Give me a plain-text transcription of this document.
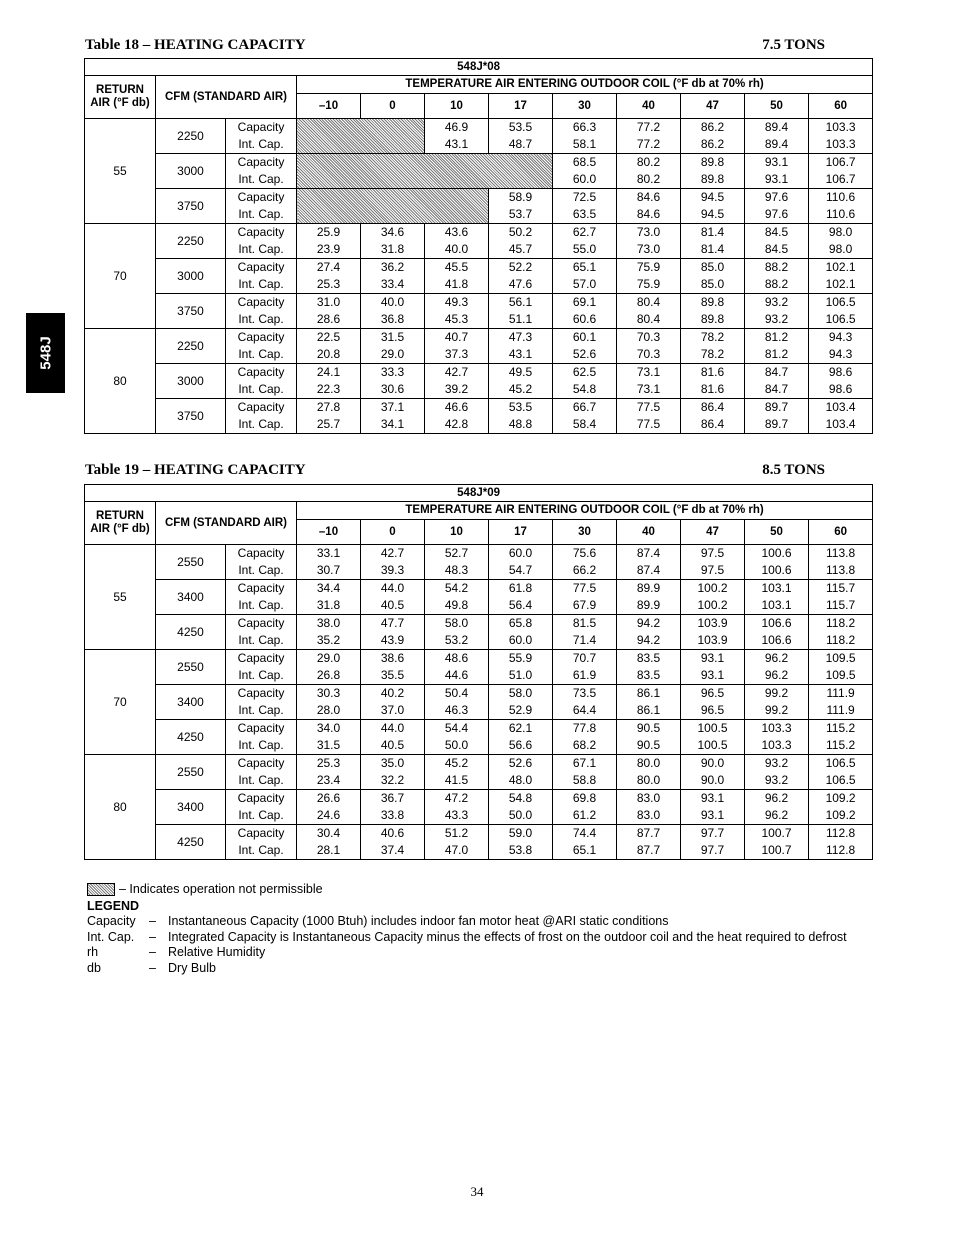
548J
Table 18 – HEATING CAPACITY	7.5 TONS
548J*08											
RETURN AIR (°F db)	CFM (STANDARD AIR)		TEMPERATURE AIR ENTERING OUTDOOR COIL (°F db at 70% rh)								
			–10	0	10	17	30	40	47	50	60
55	2250	Capacity			46.9	53.5	66.3	77.2	86.2	89.4	103.3
		Int. Cap.			43.1	48.7	58.1	77.2	86.2	89.4	103.3
	3000	Capacity					68.5	80.2	89.8	93.1	106.7
		Int. Cap.					60.0	80.2	89.8	93.1	106.7
	3750	Capacity				58.9	72.5	84.6	94.5	97.6	110.6
		Int. Cap.				53.7	63.5	84.6	94.5	97.6	110.6
70	2250	Capacity	25.9	34.6	43.6	50.2	62.7	73.0	81.4	84.5	98.0
		Int. Cap.	23.9	31.8	40.0	45.7	55.0	73.0	81.4	84.5	98.0
	3000	Capacity	27.4	36.2	45.5	52.2	65.1	75.9	85.0	88.2	102.1
		Int. Cap.	25.3	33.4	41.8	47.6	57.0	75.9	85.0	88.2	102.1
	3750	Capacity	31.0	40.0	49.3	56.1	69.1	80.4	89.8	93.2	106.5
		Int. Cap.	28.6	36.8	45.3	51.1	60.6	80.4	89.8	93.2	106.5
80	2250	Capacity	22.5	31.5	40.7	47.3	60.1	70.3	78.2	81.2	94.3
		Int. Cap.	20.8	29.0	37.3	43.1	52.6	70.3	78.2	81.2	94.3
	3000	Capacity	24.1	33.3	42.7	49.5	62.5	73.1	81.6	84.7	98.6
		Int. Cap.	22.3	30.6	39.2	45.2	54.8	73.1	81.6	84.7	98.6
	3750	Capacity	27.8	37.1	46.6	53.5	66.7	77.5	86.4	89.7	103.4
		Int. Cap.	25.7	34.1	42.8	48.8	58.4	77.5	86.4	89.7	103.4
Table 19 – HEATING CAPACITY	8.5 TONS
548J*09											
RETURN AIR (°F db)	CFM (STANDARD AIR)		TEMPERATURE AIR ENTERING OUTDOOR COIL (°F db at 70% rh)								
			–10	0	10	17	30	40	47	50	60
55	2550	Capacity	33.1	42.7	52.7	60.0	75.6	87.4	97.5	100.6	113.8
		Int. Cap.	30.7	39.3	48.3	54.7	66.2	87.4	97.5	100.6	113.8
	3400	Capacity	34.4	44.0	54.2	61.8	77.5	89.9	100.2	103.1	115.7
		Int. Cap.	31.8	40.5	49.8	56.4	67.9	89.9	100.2	103.1	115.7
	4250	Capacity	38.0	47.7	58.0	65.8	81.5	94.2	103.9	106.6	118.2
		Int. Cap.	35.2	43.9	53.2	60.0	71.4	94.2	103.9	106.6	118.2
70	2550	Capacity	29.0	38.6	48.6	55.9	70.7	83.5	93.1	96.2	109.5
		Int. Cap.	26.8	35.5	44.6	51.0	61.9	83.5	93.1	96.2	109.5
	3400	Capacity	30.3	40.2	50.4	58.0	73.5	86.1	96.5	99.2	111.9
		Int. Cap.	28.0	37.0	46.3	52.9	64.4	86.1	96.5	99.2	111.9
	4250	Capacity	34.0	44.0	54.4	62.1	77.8	90.5	100.5	103.3	115.2
		Int. Cap.	31.5	40.5	50.0	56.6	68.2	90.5	100.5	103.3	115.2
80	2550	Capacity	25.3	35.0	45.2	52.6	67.1	80.0	90.0	93.2	106.5
		Int. Cap.	23.4	32.2	41.5	48.0	58.8	80.0	90.0	93.2	106.5
	3400	Capacity	26.6	36.7	47.2	54.8	69.8	83.0	93.1	96.2	109.2
		Int. Cap.	24.6	33.8	43.3	50.0	61.2	83.0	93.1	96.2	109.2
	4250	Capacity	30.4	40.6	51.2	59.0	74.4	87.7	97.7	100.7	112.8
		Int. Cap.	28.1	37.4	47.0	53.8	65.1	87.7	97.7	100.7	112.8
– Indicates operation not permissible
LEGEND
Capacity	– Instantaneous Capacity (1000 Btuh) includes indoor fan motor heat @ARI static conditions
Int. Cap.	– Integrated Capacity is Instantaneous Capacity minus the effects of frost on the outdoor coil and the heat required to defrost
rh	– Relative Humidity
db	– Dry Bulb
34
